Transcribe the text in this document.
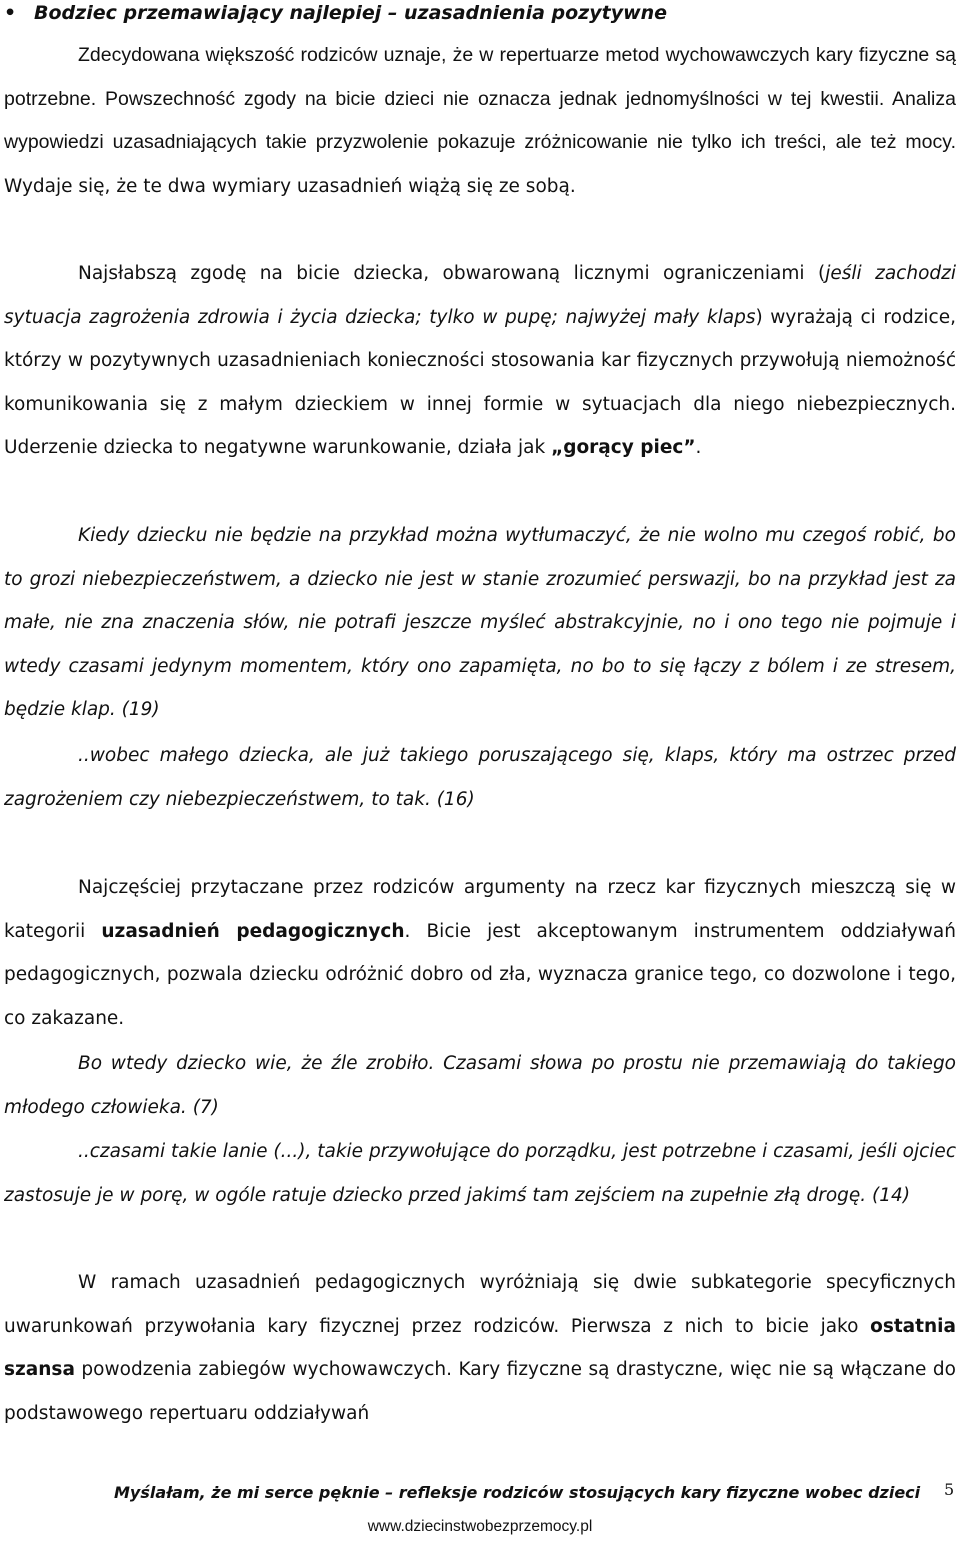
• Bodziec przemawiający najlepiej – uzasadnienia pozytywne

Zdecydowana większość rodziców uznaje, że w repertuarze metod wychowawczych kary fizyczne są potrzebne. Powszechność zgody na bicie dzieci nie oznacza jednak jednomyślności w tej kwestii. Analiza wypowiedzi uzasadniających takie przyzwolenie pokazuje zróżnicowanie nie tylko ich treści, ale też mocy. Wydaje się, że te dwa wymiary uzasadnień wiążą się ze sobą.

Najsłabszą zgodę na bicie dziecka, obwarowaną licznymi ograniczeniami (jeśli zachodzi sytuacja zagrożenia zdrowia i życia dziecka; tylko w pupę; najwyżej mały klaps) wyrażają ci rodzice, którzy w pozytywnych uzasadnieniach konieczności stosowania kar fizycznych przywołują niemożność komunikowania się z małym dzieckiem w innej formie w sytuacjach dla niego niebezpiecznych. Uderzenie dziecka to negatywne warunkowanie, działa jak „gorący piec”.

Kiedy dziecku nie będzie na przykład można wytłumaczyć, że nie wolno mu czegoś robić, bo to grozi niebezpieczeństwem, a dziecko nie jest w stanie zrozumieć perswazji, bo na przykład jest za małe, nie zna znaczenia słów, nie potrafi jeszcze myśleć abstrakcyjnie, no i ono tego nie pojmuje i wtedy czasami jedynym momentem, który ono zapamięta, no bo to się łączy z bólem i ze stresem, będzie klap. (19)

..wobec małego dziecka, ale już takiego poruszającego się, klaps, który ma ostrzec przed zagrożeniem czy niebezpieczeństwem, to tak. (16)

Najczęściej przytaczane przez rodziców argumenty na rzecz kar fizycznych mieszczą się w kategorii uzasadnień pedagogicznych. Bicie jest akceptowanym instrumentem oddziaływań pedagogicznych, pozwala dziecku odróżnić dobro od zła, wyznacza granice tego, co dozwolone i tego, co zakazane.

Bo wtedy dziecko wie, że źle zrobiło. Czasami słowa po prostu nie przemawiają do takiego młodego człowieka. (7)

..czasami takie lanie (...), takie przywołujące do porządku, jest potrzebne i czasami, jeśli ojciec zastosuje je w porę, w ogóle ratuje dziecko przed jakimś tam zejściem na zupełnie złą drogę. (14)

W ramach uzasadnień pedagogicznych wyróżniają się dwie subkategorie specyficznych uwarunkowań przywołania kary fizycznej przez rodziców. Pierwsza z nich to bicie jako ostatnia szansa powodzenia zabiegów wychowawczych. Kary fizyczne są drastyczne, więc nie są włączane do podstawowego repertuaru oddziaływań

Myślałam, że mi serce pęknie – refleksje rodziców stosujących kary fizyczne wobec dzieci 5
www.dziecinstwobezprzemocy.pl
